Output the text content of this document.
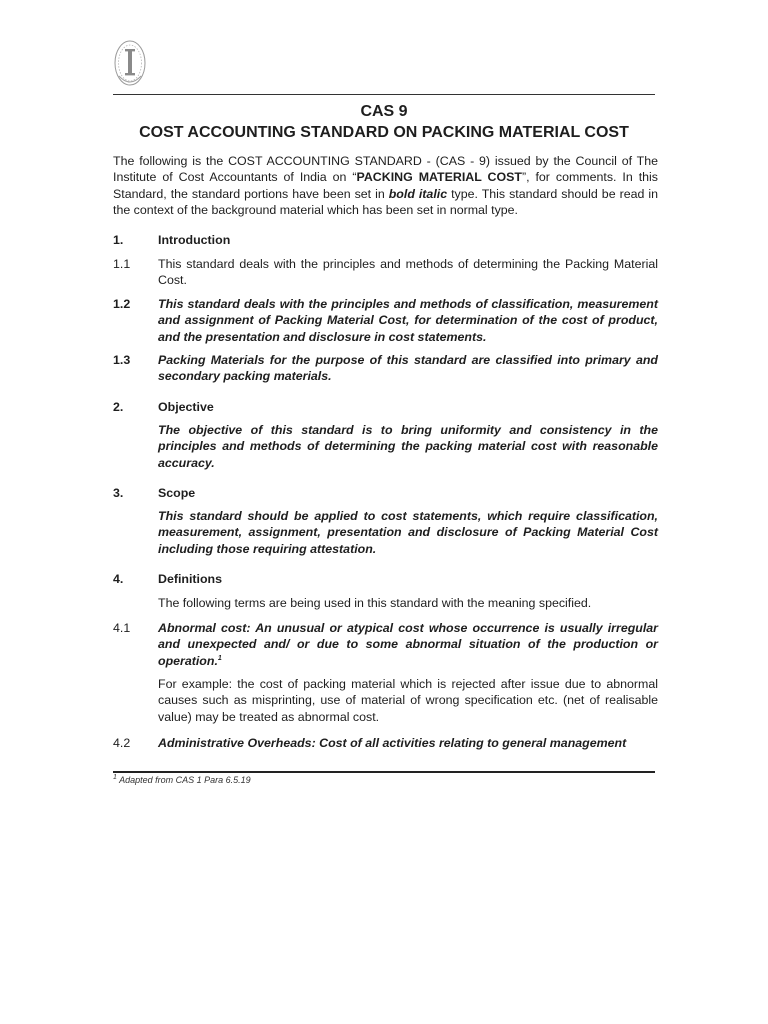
CAS 9
COST ACCOUNTING STANDARD ON PACKING MATERIAL COST
The following is the COST ACCOUNTING STANDARD - (CAS - 9) issued by the Council of The Institute of Cost Accountants of India on “PACKING MATERIAL COST”, for comments. In this Standard, the standard portions have been set in bold italic type. This standard should be read in the context of the background material which has been set in normal type.
1.	Introduction
1.1	This standard deals with the principles and methods of determining the Packing Material Cost.
1.2	This standard deals with the principles and methods of classification, measurement and assignment of Packing Material Cost, for determination of the cost of product, and the presentation and disclosure in cost statements.
1.3	Packing Materials for the purpose of this standard are classified into primary and secondary packing materials.
2.	Objective
The objective of this standard is to bring uniformity and consistency in the principles and methods of determining the packing material cost with reasonable accuracy.
3.	Scope
This standard should be applied to cost statements, which require classification, measurement, assignment, presentation and disclosure of Packing Material Cost including those requiring attestation.
4.	Definitions
The following terms are being used in this standard with the meaning specified.
4.1	Abnormal cost: An unusual or atypical cost whose occurrence is usually irregular and unexpected and/ or due to some abnormal situation of the production or operation.$^1$
For example: the cost of packing material which is rejected after issue due to abnormal causes such as misprinting, use of material of wrong specification etc. (net of realisable value) may be treated as abnormal cost.
4.2	Administrative Overheads: Cost of all activities relating to general management
$^1$ Adapted from CAS 1 Para 6.5.19
